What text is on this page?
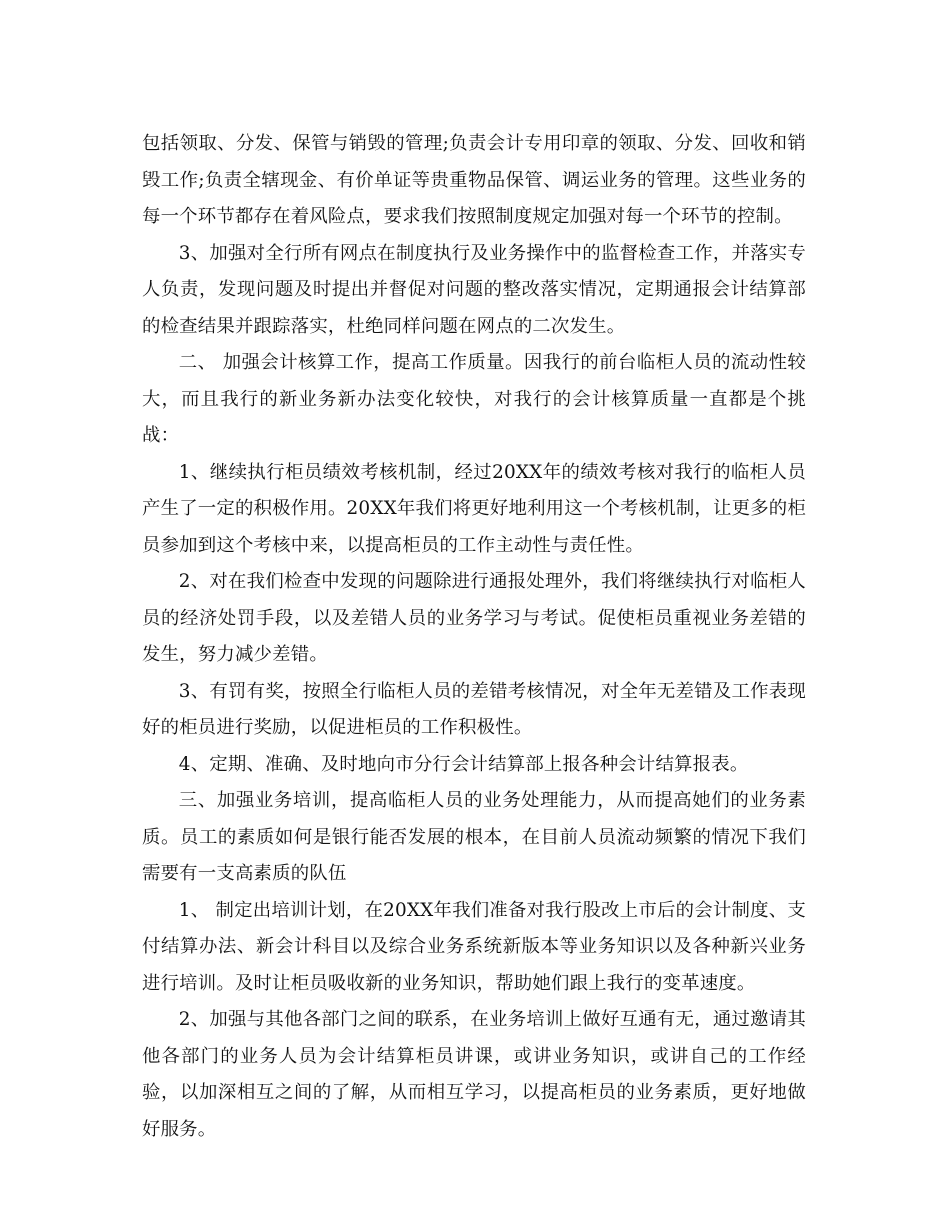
包括领取、分发、保管与销毁的管理;负责会计专用印章的领取、分发、回收和销毁工作;负责全辖现金、有价单证等贵重物品保管、调运业务的管理。这些业务的每一个环节都存在着风险点，要求我们按照制度规定加强对每一个环节的控制。

3、加强对全行所有网点在制度执行及业务操作中的监督检查工作，并落实专人负责，发现问题及时提出并督促对问题的整改落实情况，定期通报会计结算部的检查结果并跟踪落实，杜绝同样问题在网点的二次发生。

二、 加强会计核算工作，提高工作质量。因我行的前台临柜人员的流动性较大，而且我行的新业务新办法变化较快，对我行的会计核算质量一直都是个挑战：

1、继续执行柜员绩效考核机制，经过20XX年的绩效考核对我行的临柜人员产生了一定的积极作用。20XX年我们将更好地利用这一个考核机制，让更多的柜员参加到这个考核中来，以提高柜员的工作主动性与责任性。

2、对在我们检查中发现的问题除进行通报处理外，我们将继续执行对临柜人员的经济处罚手段，以及差错人员的业务学习与考试。促使柜员重视业务差错的发生，努力减少差错。

3、有罚有奖，按照全行临柜人员的差错考核情况，对全年无差错及工作表现好的柜员进行奖励，以促进柜员的工作积极性。

4、定期、准确、及时地向市分行会计结算部上报各种会计结算报表。

三、加强业务培训，提高临柜人员的业务处理能力，从而提高她们的业务素质。员工的素质如何是银行能否发展的根本，在目前人员流动频繁的情况下我们需要有一支高素质的队伍

1、 制定出培训计划，在20XX年我们准备对我行股改上市后的会计制度、支付结算办法、新会计科目以及综合业务系统新版本等业务知识以及各种新兴业务进行培训。及时让柜员吸收新的业务知识，帮助她们跟上我行的变革速度。

2、加强与其他各部门之间的联系，在业务培训上做好互通有无，通过邀请其他各部门的业务人员为会计结算柜员讲课，或讲业务知识，或讲自己的工作经验，以加深相互之间的了解，从而相互学习，以提高柜员的业务素质，更好地做好服务。
